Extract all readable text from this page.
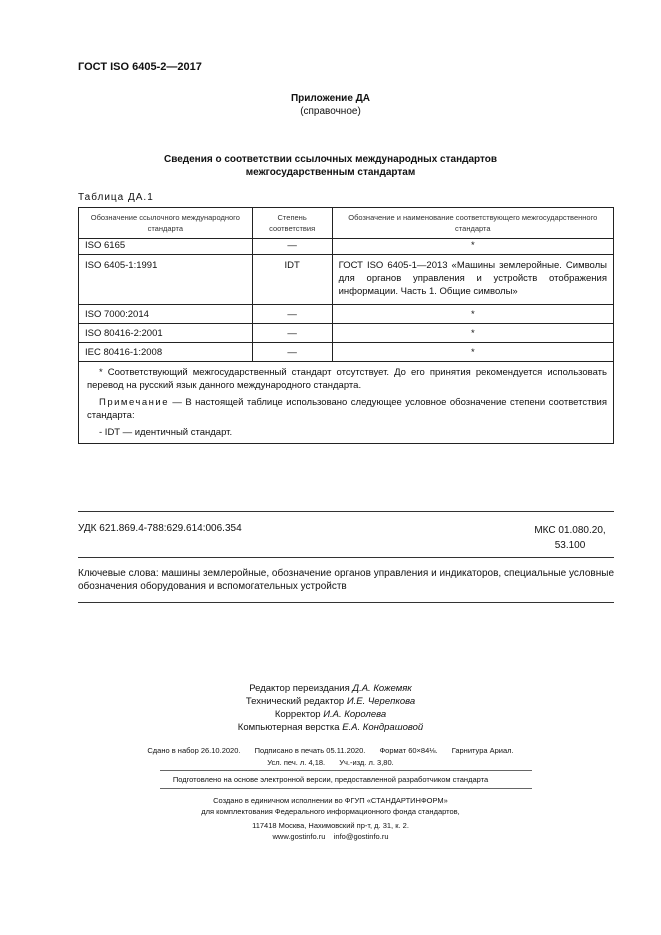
ГОСТ ISO 6405-2—2017
Приложение ДА
(справочное)
Сведения о соответствии ссылочных международных стандартов
межгосударственным стандартам
Таблица ДА.1
Обозначение ссылочного международного стандарта	Степень соответствия	Обозначение и наименование соответствующего межгосударственного стандарта
ISO 6165	—	*
ISO 6405-1:1991	IDT	ГОСТ ISO 6405-1—2013 «Машины землеройные. Символы для органов управления и устройств отображения информации. Часть 1. Общие символы»
ISO 7000:2014	—	*
ISO 80416-2:2001	—	*
IEC 80416-1:2008	—	*

* Соответствующий межгосударственный стандарт отсутствует. До его принятия рекомендуется использовать перевод на русский язык данного международного стандарта.

Примечание — В настоящей таблице использовано следующее условное обозначение степени соответствия стандарта:

- IDT — идентичный стандарт.		

УДК 621.869.4-788:629.614:006.354	МКС 01.080.20,
53.100
Ключевые слова: машины землеройные, обозначение органов управления и индикаторов, специальные условные обозначения оборудования и вспомогательных устройств
Редактор переиздания Д.А. Кожемяк
Технический редактор И.Е. Черепкова
Корректор И.А. Королева
Компьютерная верстка Е.А. Кондрашовой
Сдано в набор 26.10.2020. Подписано в печать 05.11.2020. Формат 60×84⅛. Гарнитура Ариал.
Усл. печ. л. 4,18. Уч.-изд. л. 3,80.
Подготовлено на основе электронной версии, предоставленной разработчиком стандарта
Создано в единичном исполнении во ФГУП «СТАНДАРТИНФОРМ»
для комплектования Федерального информационного фонда стандартов,
117418 Москва, Нахимовский пр-т, д. 31, к. 2.
www.gostinfo.ru    info@gostinfo.ru
